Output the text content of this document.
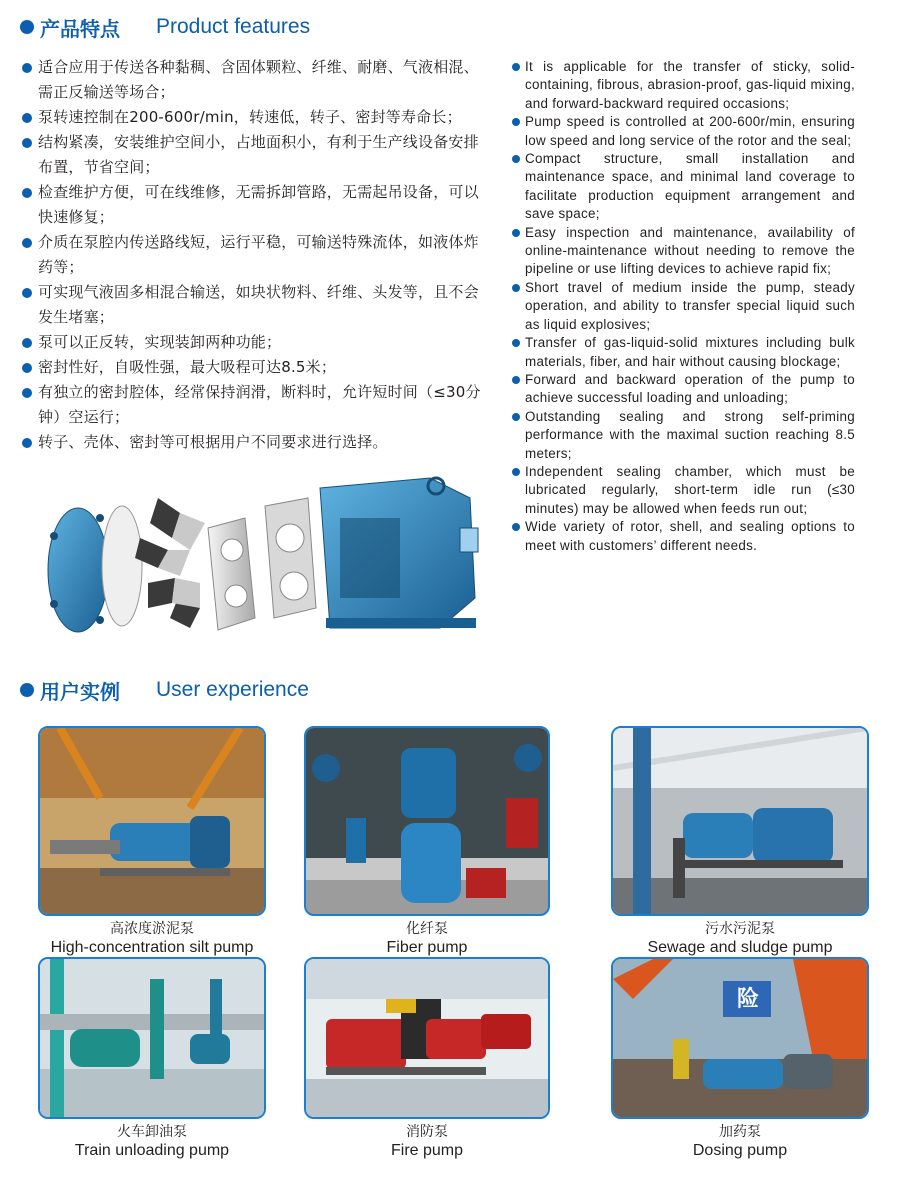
产品特点 Product features
适合应用于传送各种黏稠、含固体颗粒、纤维、耐磨、气液相混、需正反输送等场合；
泵转速控制在200-600r/min，转速低，转子、密封等寿命长；
结构紧凑，安装维护空间小，占地面积小，有利于生产线设备安排布置，节省空间；
检查维护方便，可在线维修，无需拆卸管路，无需起吊设备，可以快速修复；
介质在泵腔内传送路线短，运行平稳，可输送特殊流体，如液体炸药等；
可实现气液固多相混合输送，如块状物料、纤维、头发等，且不会发生堵塞；
泵可以正反转，实现装卸两种功能；
密封性好，自吸性强，最大吸程可达8.5米；
有独立的密封腔体，经常保持润滑，断料时，允许短时间（≤30分钟）空运行；
转子、壳体、密封等可根据用户不同要求进行选择。
It is applicable for the transfer of sticky, solid-containing, fibrous, abrasion-proof, gas-liquid mixing, and forward-backward required occasions;
Pump speed is controlled at 200-600r/min, ensuring low speed and long service of the rotor and the seal;
Compact structure, small installation and maintenance space, and minimal land coverage to facilitate production equipment arrangement and save space;
Easy inspection and maintenance, availability of online-maintenance without needing to remove the pipeline or use lifting devices to achieve rapid fix;
Short travel of medium inside the pump, steady operation, and ability to transfer special liquid such as liquid explosives;
Transfer of gas-liquid-solid mixtures including bulk materials, fiber, and hair without causing blockage;
Forward and backward operation of the pump to achieve successful loading and unloading;
Outstanding sealing and strong self-priming performance with the maximal suction reaching 8.5 meters;
Independent sealing chamber, which must be lubricated regularly, short-term idle run (≤30 minutes) may be allowed when feeds run out;
Wide variety of rotor, shell, and sealing options to meet with customers’ different needs.
用户实例 User experience
高浓度淤泥泵
High-concentration silt pump
化纤泵
Fiber pump
污水污泥泵
Sewage and sludge pump
火车卸油泵
Train unloading pump
消防泵
Fire pump
险
加药泵
Dosing pump
